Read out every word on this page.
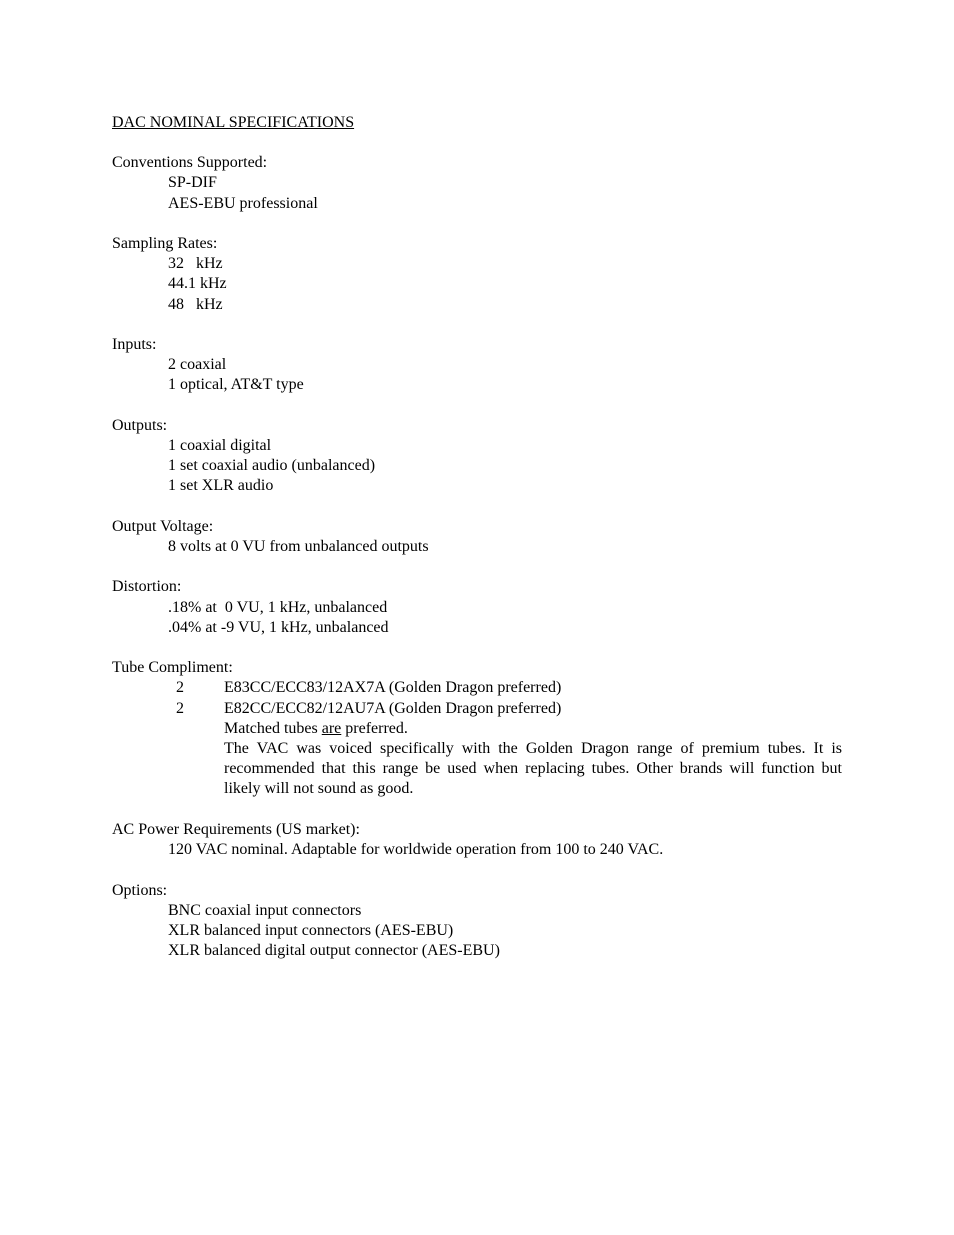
DAC NOMINAL SPECIFICATIONS
Conventions Supported:
SP-DIF
AES-EBU professional
Sampling Rates:
32   kHz
44.1 kHz
48   kHz
Inputs:
2 coaxial
1 optical, AT&T type
Outputs:
1 coaxial digital
1 set coaxial audio (unbalanced)
1 set XLR audio
Output Voltage:
8 volts at 0 VU from unbalanced outputs
Distortion:
.18% at  0 VU, 1 kHz, unbalanced
.04% at -9 VU, 1 kHz, unbalanced
Tube Compliment:
2	E83CC/ECC83/12AX7A (Golden Dragon preferred)
2	E82CC/ECC82/12AU7A (Golden Dragon preferred)
Matched tubes are preferred.
The VAC was voiced specifically with the Golden Dragon range of premium tubes. It is recommended that this range be used when replacing tubes. Other brands will function but likely will not sound as good.
AC Power Requirements (US market):
120 VAC nominal. Adaptable for worldwide operation from 100 to 240 VAC.
Options:
BNC coaxial input connectors
XLR balanced input connectors (AES-EBU)
XLR balanced digital output connector (AES-EBU)
